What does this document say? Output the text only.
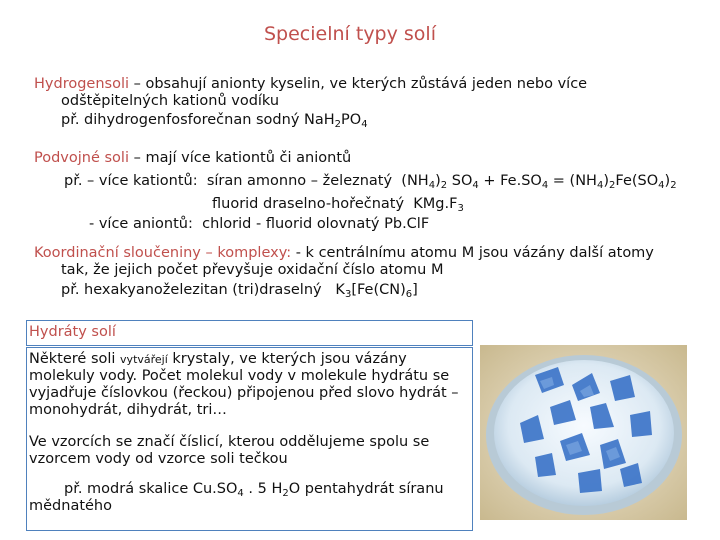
Specielní typy solí
Hydrogensoli – obsahují anionty kyselin, ve kterých zůstává jeden nebo více
odštěpitelných kationů vodíku
př. dihydrogenfosforečnan sodný $NaH_2PO_4$
Podvojné soli – mají více kationtů či aniontů
př. – více kationtů: síran amonno – železnatý $(NH_4)_2$ $SO_4 + Fe.SO_4 = (NH_4)_2Fe(SO_4)_2$
fluorid draselno-hořečnatý $KMg.F_3$
- více aniontů: chlorid - fluorid olovnatý Pb.ClF
Koordinační sloučeniny – komplexy: - k centrálnímu atomu M jsou vázány další atomy
tak, že jejich počet převyšuje oxidační číslo atomu M
př. hexakyanoželezitan (tri)draselný $K_3[Fe(CN)_6]$
Hydráty solí
Některé soli vytvářejí krystaly, ve kterých jsou vázány
molekuly vody. Počet molekul vody v molekule hydrátu se
vyjadřuje číslovkou (řeckou) připojenou před slovo hydrát –
monohydrát, dihydrát, tri…
Ve vzorcích se značí číslicí, kterou oddělujeme spolu se
vzorcem vody od vzorce soli tečkou
př. modrá skalice $Cu.SO_4$ . 5 $H_2O$ pentahydrát síranu
mědnatého
